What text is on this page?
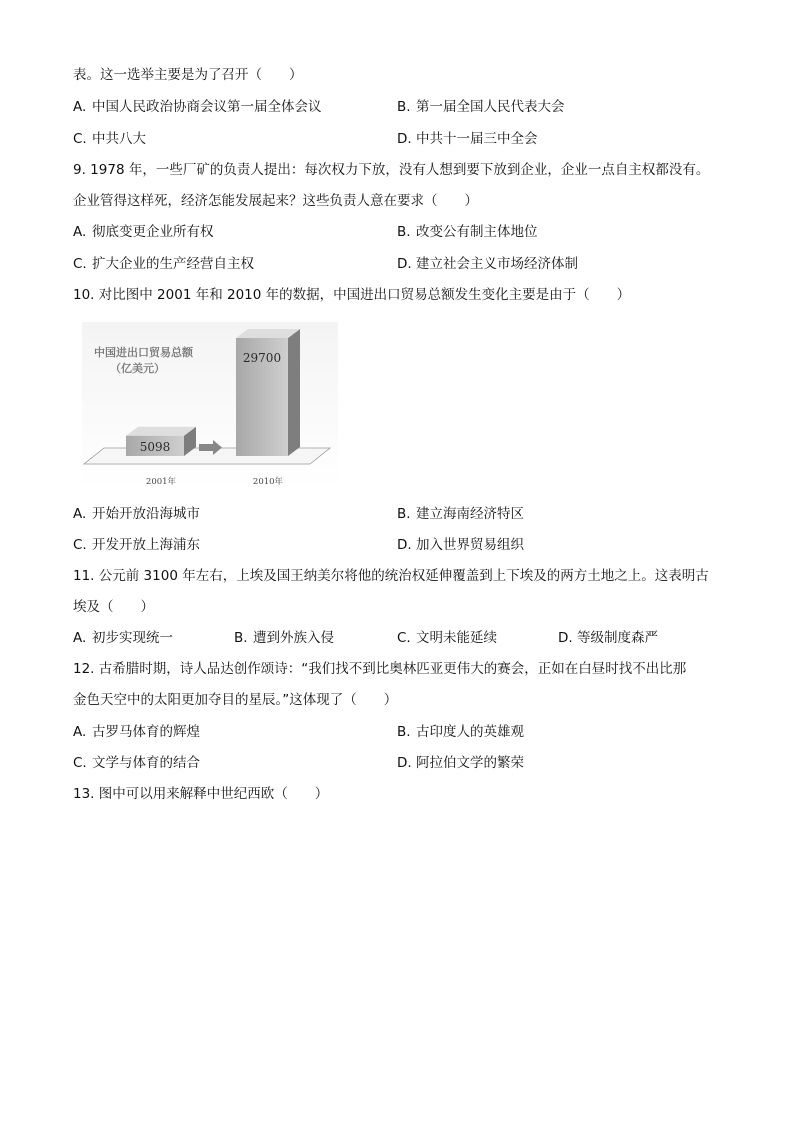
表。这一选举主要是为了召开（　　）
A. 中国人民政治协商会议第一届全体会议	B. 第一届全国人民代表大会
C. 中共八大	D. 中共十一届三中全会
9. 1978 年，一些厂矿的负责人提出：每次权力下放，没有人想到要下放到企业，企业一点自主权都没有。
企业管得这样死，经济怎能发展起来？这些负责人意在要求（　　）
A. 彻底变更企业所有权	B. 改变公有制主体地位
C. 扩大企业的生产经营自主权	D. 建立社会主义市场经济体制
10. 对比图中 2001 年和 2010 年的数据，中国进出口贸易总额发生变化主要是由于（　　）
中国进出口贸易总额
（亿美元）
5098
29700
2001年	2010年
A. 开始开放沿海城市	B. 建立海南经济特区
C. 开发开放上海浦东	D. 加入世界贸易组织
11. 公元前 3100 年左右，上埃及国王纳美尔将他的统治权延伸覆盖到上下埃及的两方土地之上。这表明古
埃及（　　）
A. 初步实现统一	B. 遭到外族入侵	C. 文明未能延续	D. 等级制度森严
12. 古希腊时期，诗人品达创作颂诗：“我们找不到比奥林匹亚更伟大的赛会，正如在白昼时找不出比那
金色天空中的太阳更加夺目的星辰。”这体现了（　　）
A. 古罗马体育的辉煌	B. 古印度人的英雄观
C. 文学与体育的结合	D. 阿拉伯文学的繁荣
13. 图中可以用来解释中世纪西欧（　　）
